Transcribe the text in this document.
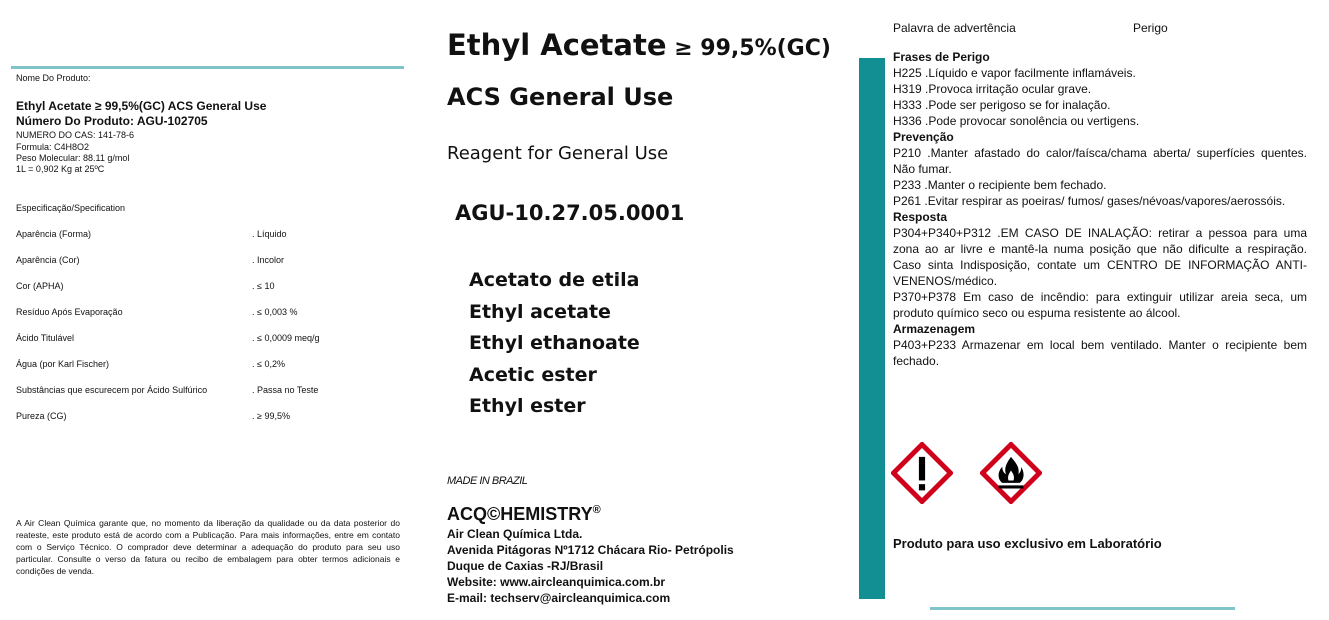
Nome Do Produto:
Ethyl Acetate ≥ 99,5%(GC) ACS General Use
Número Do Produto: AGU-102705
NUMERO DO CAS: 141-78-6
Formula: C4H8O2
Peso Molecular: 88.11 g/mol
1L = 0,902 Kg at 25ºC
Especificação/Specification
Aparência (Forma)	. Líquido
Aparência (Cor)	. Incolor
Cor (APHA)	. ≤ 10
Resíduo Após Evaporação	. ≤ 0,003 %
Ácido Titulável	. ≤ 0,0009 meq/g
Água (por Karl Fischer)	. ≤ 0,2%
Substâncias que escurecem por Ácido Sulfúrico	. Passa no Teste
Pureza (CG)	. ≥ 99,5%
A Air Clean Química garante que, no momento da liberação da qualidade ou da data posterior do reateste, este produto está de acordo com a Publicação. Para mais informações, entre em contato com o Serviço Técnico. O comprador deve determinar a adequação do produto para seu uso particular. Consulte o verso da fatura ou recibo de embalagem para obter termos adicionais e condições de venda.
Ethyl Acetate ≥ 99,5%(GC)
ACS General Use
Reagent for General Use
AGU-10.27.05.0001
Acetato de etila
Ethyl acetate
Ethyl ethanoate
Acetic ester
Ethyl ester
MADE IN BRAZIL
ACQ©HEMISTRY®
Air Clean Química Ltda.
Avenida Pitágoras Nº1712 Chácara Rio- Petrópolis
Duque de Caxias -RJ/Brasil
Website: www.aircleanquimica.com.br
E-mail: techserv@aircleanquimica.com
Palavra de advertência	Perigo
Frases de Perigo
H225 .Líquido e vapor facilmente inflamáveis.
H319 .Provoca irritação ocular grave.
H333 .Pode ser perigoso se for inalação.
H336 .Pode provocar sonolência ou vertigens.
Prevenção
P210 .Manter afastado do calor/faísca/chama aberta/ superfícies quentes. Não fumar.
P233 .Manter o recipiente bem fechado.
P261 .Evitar respirar as poeiras/ fumos/ gases/névoas/vapores/aerossóis.
Resposta
P304+P340+P312 .EM CASO DE INALAÇÃO: retirar a pessoa para uma zona ao ar livre e mantê-la numa posição que não dificulte a respiração. Caso sinta Indisposição, contate um CENTRO DE INFORMAÇÃO ANTI-VENENOS/médico.
P370+P378 Em caso de incêndio: para extinguir utilizar areia seca, um produto químico seco ou espuma resistente ao álcool.
Armazenagem
P403+P233 Armazenar em local bem ventilado. Manter o recipiente bem fechado.
Produto para uso exclusivo em Laboratório
